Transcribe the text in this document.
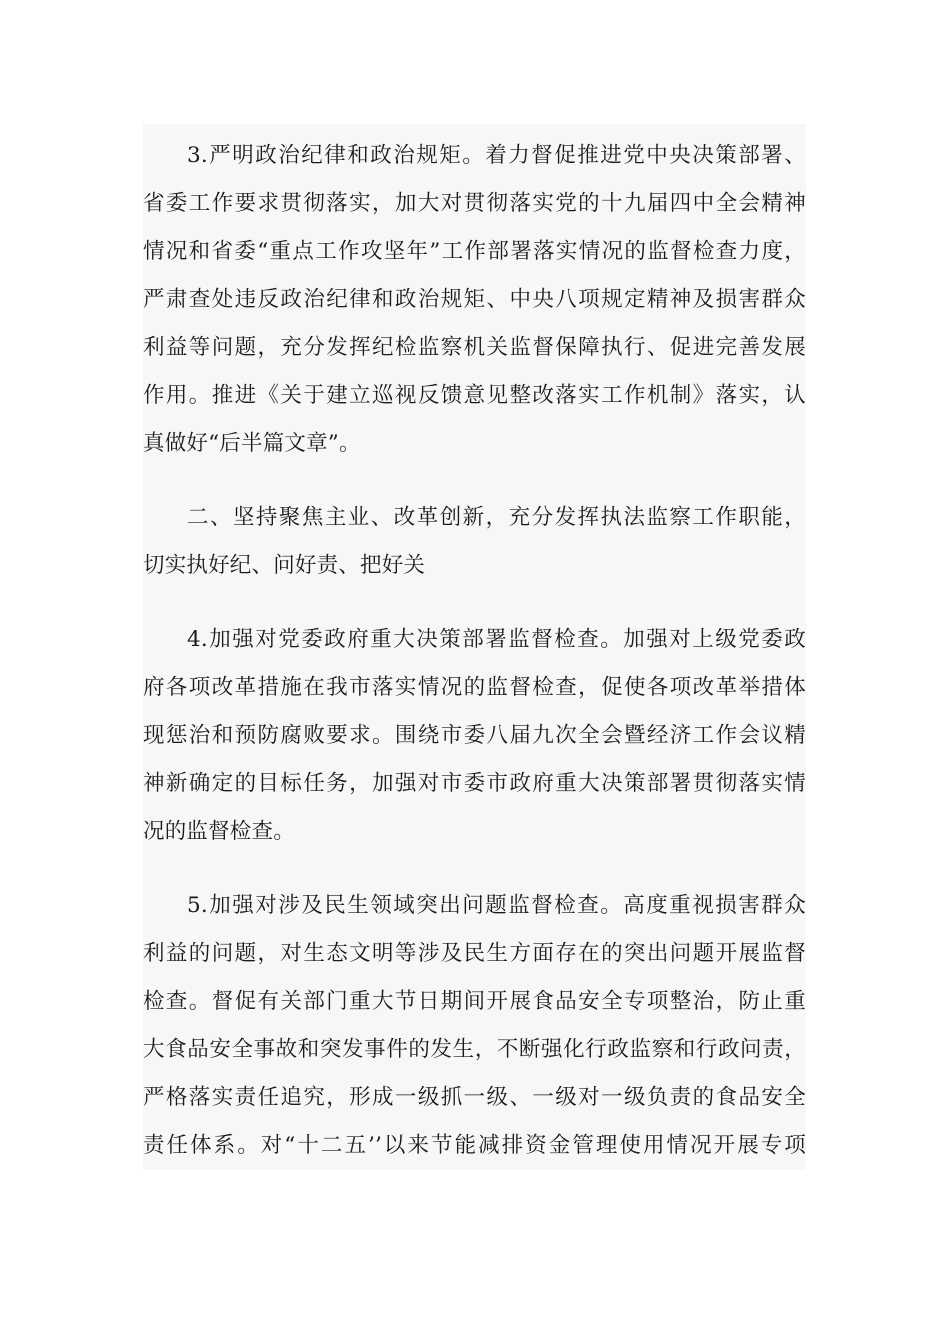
3.严明政治纪律和政治规矩。着力督促推进党中央决策部署、
省委工作要求贯彻落实，加大对贯彻落实党的十九届四中全会精神
情况和省委“重点工作攻坚年”工作部署落实情况的监督检查力度，
严肃查处违反政治纪律和政治规矩、中央八项规定精神及损害群众
利益等问题，充分发挥纪检监察机关监督保障执行、促进完善发展
作用。推进《关于建立巡视反馈意见整改落实工作机制》落实，认
真做好“后半篇文章”。
二、坚持聚焦主业、改革创新，充分发挥执法监察工作职能，
切实执好纪、问好责、把好关
4.加强对党委政府重大决策部署监督检查。加强对上级党委政
府各项改革措施在我市落实情况的监督检查，促使各项改革举措体
现惩治和预防腐败要求。围绕市委八届九次全会暨经济工作会议精
神新确定的目标任务，加强对市委市政府重大决策部署贯彻落实情
况的监督检查。
5.加强对涉及民生领域突出问题监督检查。高度重视损害群众
利益的问题，对生态文明等涉及民生方面存在的突出问题开展监督
检查。督促有关部门重大节日期间开展食品安全专项整治，防止重
大食品安全事故和突发事件的发生，不断强化行政监察和行政问责，
严格落实责任追究，形成一级抓一级、一级对一级负责的食品安全
责任体系。对“十二五’’以来节能减排资金管理使用情况开展专项
